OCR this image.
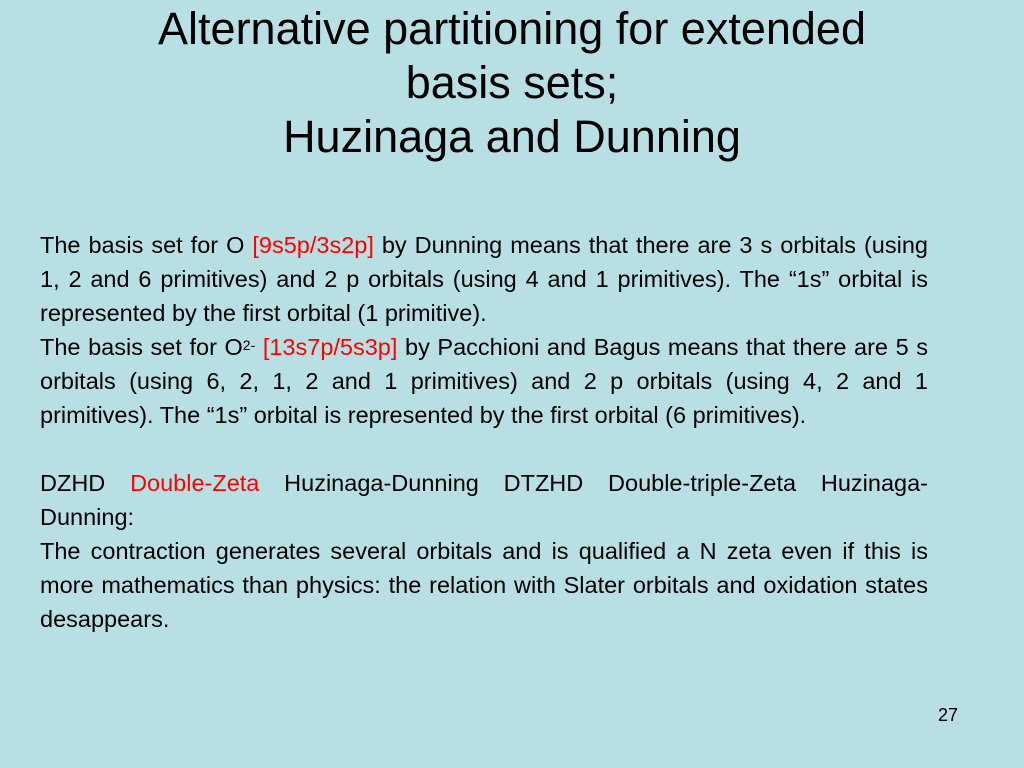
Alternative partitioning for extended
basis sets;
Huzinaga and Dunning

The basis set for O [9s5p/3s2p] by Dunning means that there are 3 s orbitals (using 1, 2 and 6 primitives) and 2 p orbitals (using 4 and 1 primitives). The “1s” orbital is represented by the first orbital (1 primitive).

The basis set for $O^{2-}$ [13s7p/5s3p] by Pacchioni and Bagus means that there are 5 s orbitals (using 6, 2, 1, 2 and 1 primitives) and 2 p orbitals (using 4, 2 and 1 primitives). The “1s” orbital is represented by the first orbital (6 primitives).

DZHD Double-Zeta Huzinaga-Dunning DTZHD Double-triple-Zeta Huzinaga-Dunning:

The contraction generates several orbitals and is qualified a N zeta even if this is more mathematics than physics: the relation with Slater orbitals and oxidation states desappears.

27
